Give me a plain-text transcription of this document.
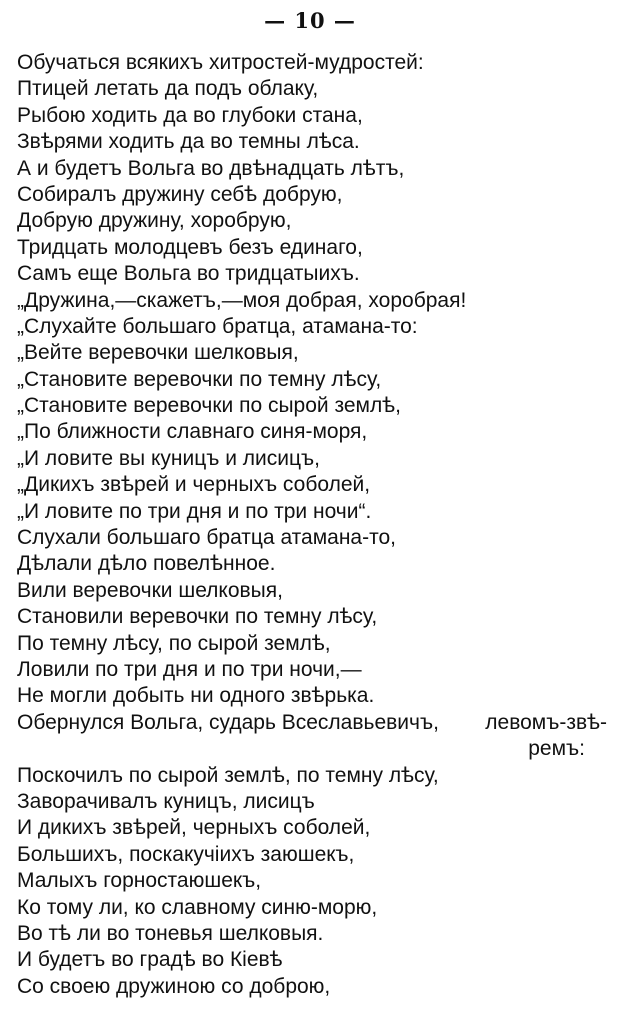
— 10 —
Обучаться всякихъ хитростей-мудростей:
Птицей летать да подъ облаку,
Рыбою ходить да во глубоки стана,
Звѣрями ходить да во темны лѣса.
А и будетъ Вольга во двѣнадцать лѣтъ,
Собиралъ дружину себѣ добрую,
Добрую дружину, хоробрую,
Тридцать молодцевъ безъ единаго,
Самъ еще Вольга во тридцатыихъ.
„Дружина,—скажетъ,—моя добрая, хоробрая!
„Слухайте большаго братца, атамана-то:
„Вейте веревочки шелковыя,
„Становите веревочки по темну лѣсу,
„Становите веревочки по сырой землѣ,
„По ближности славнаго синя-моря,
„И ловите вы куницъ и лисицъ,
„Дикихъ звѣрей и черныхъ соболей,
„И ловите по три дня и по три ночи“.
Слухали большаго братца атамана-то,
Дѣлали дѣло повелѣнное.
Вили веревочки шелковыя,
Становили веревочки по темну лѣсу,
По темну лѣсу, по сырой землѣ,
Ловили по три дня и по три ночи,—
Не могли добыть ни одного звѣрька.
Обернулся Вольга, сударь Всеславьевичъ, левомъ-звѣ-
ремъ:
Поскочилъ по сырой землѣ, по темну лѣсу,
Заворачивалъ куницъ, лисицъ
И дикихъ звѣрей, черныхъ соболей,
Большихъ, поскакучіихъ заюшекъ,
Малыхъ горностаюшекъ,
Ко тому ли, ко славному синю-морю,
Во тѣ ли во тоневья шелковыя.
И будетъ во градѣ во Кіевѣ
Со своею дружиною со доброю,
